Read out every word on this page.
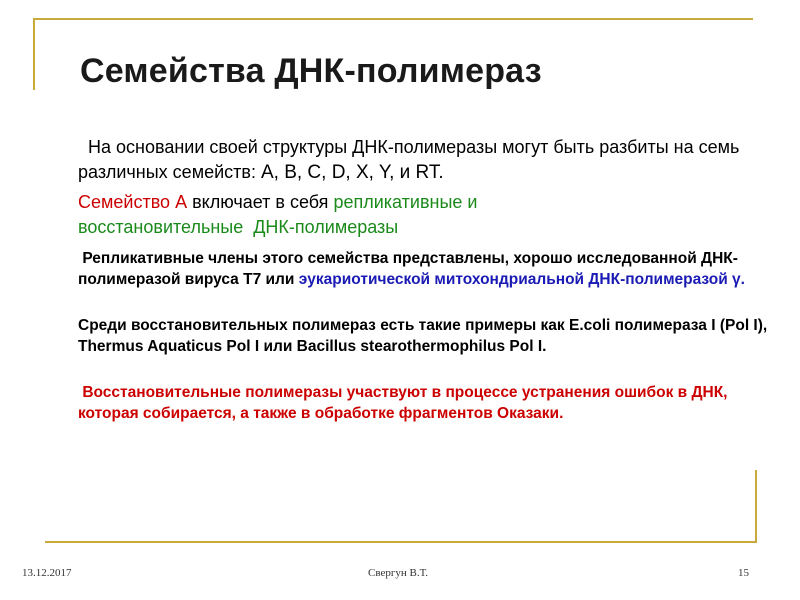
Семейства ДНК-полимераз
На основании своей структуры ДНК-полимеразы могут быть разбиты на семь различных семейств: A, B, C, D, X, Y, и RT.
Семейство А включает в себя репликативные и
восстановительные ДНК-полимеразы
Репликативные члены этого семейства представлены, хорошо исследованной ДНК-полимеразой вируса Т7 или эукариотической митохондриальной ДНК-полимеразой γ.
Среди восстановительных полимераз есть такие примеры как E.coli полимераза I (Pol I), Thermus Aquaticus Pol I или Bacillus stearothermophilus Pol I.
Восстановительные полимеразы участвуют в процессе устранения ошибок в ДНК, которая собирается, а также в обработке фрагментов Оказаки.
13.12.2017	Свергун В.Т.	15
